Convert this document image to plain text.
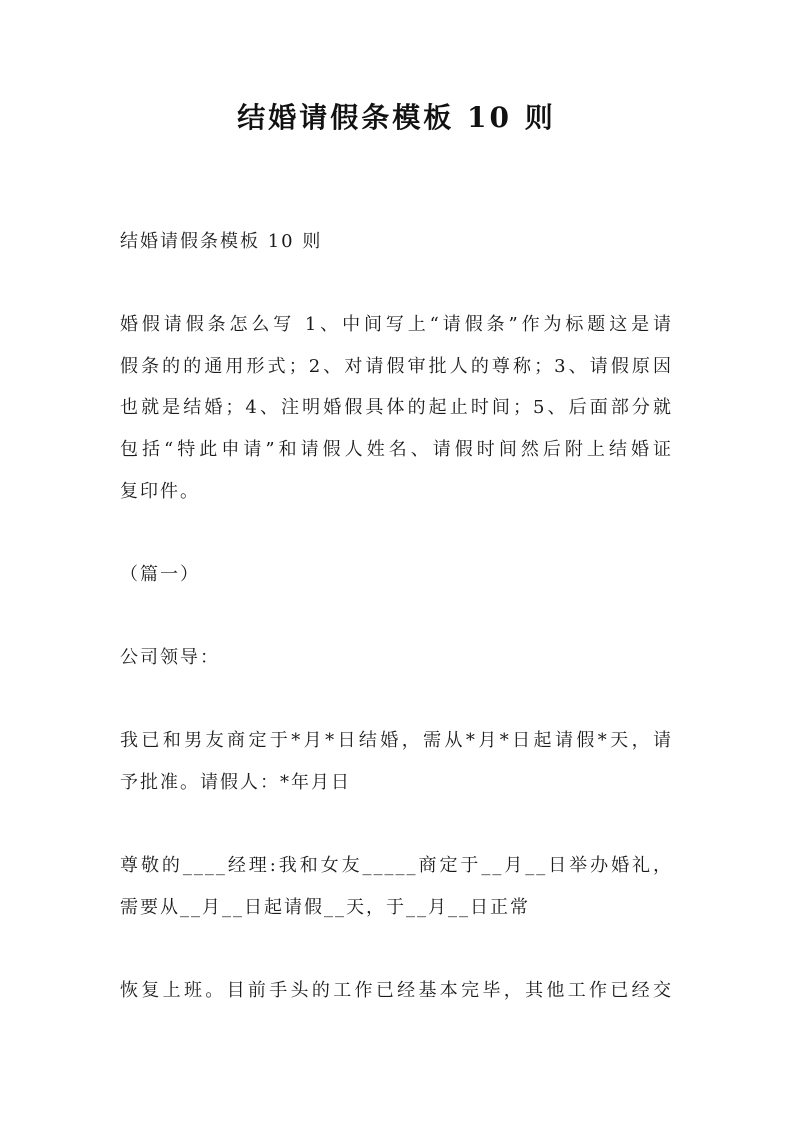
结婚请假条模板 10 则
结婚请假条模板 10 则
婚假请假条怎么写 1、中间写上“请假条”作为标题这是请
假条的的通用形式；2、对请假审批人的尊称；3、请假原因
也就是结婚；4、注明婚假具体的起止时间；5、后面部分就
包括“特此申请”和请假人姓名、请假时间然后附上结婚证
复印件。
（篇一）
公司领导：
我已和男友商定于*月*日结婚，需从*月*日起请假*天，请
予批准。请假人：*年月日
尊敬的____经理:我和女友_____商定于__月__日举办婚礼，
需要从__月__日起请假__天，于__月__日正常
恢复上班。目前手头的工作已经基本完毕，其他工作已经交
